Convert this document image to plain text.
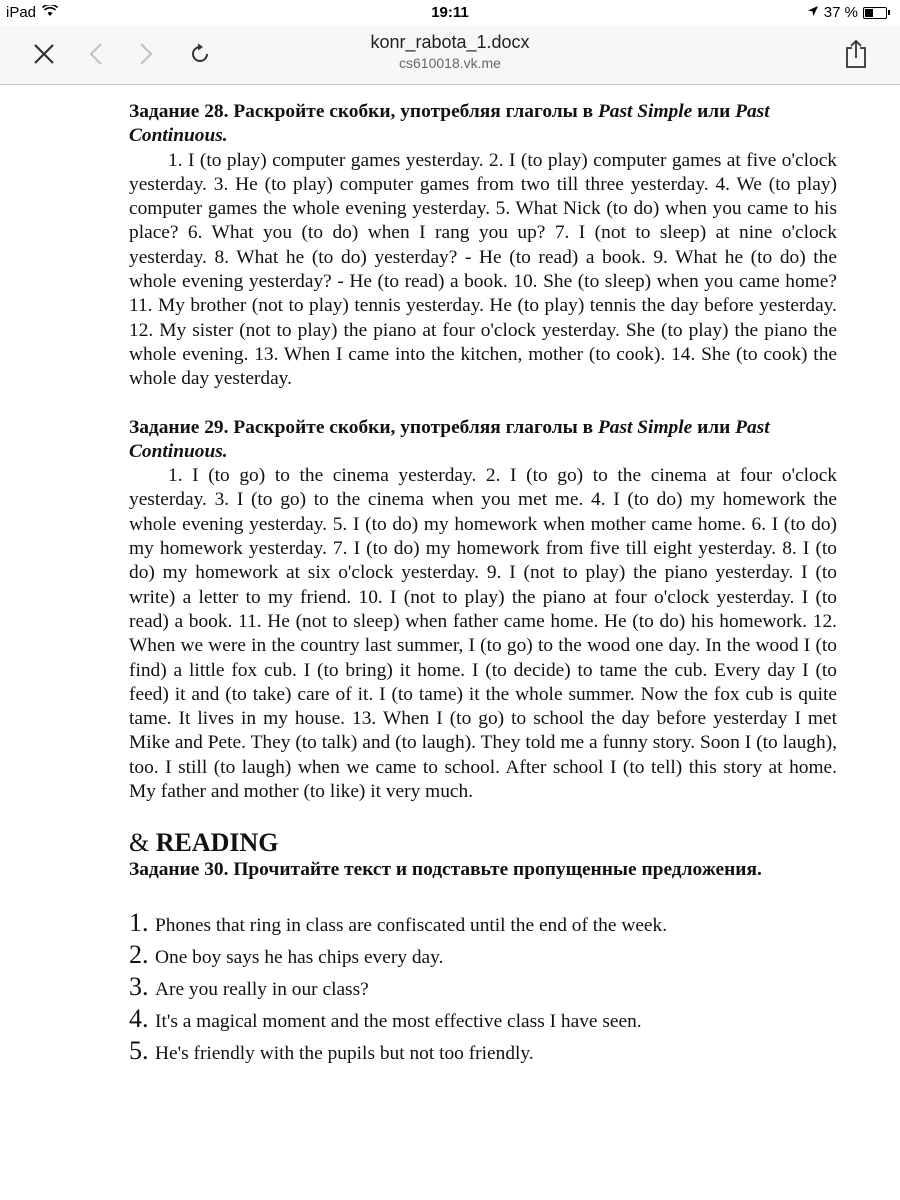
iPad	19:11	37 %
konr_rabota_1.docx
cs610018.vk.me

Задание 28. Раскройте скобки, употребляя глаголы в Past Simple или Past Continuous.

1. I (to play) computer games yesterday. 2. I (to play) computer games at five o'clock yesterday. 3. He (to play) computer games from two till three yesterday. 4. We (to play) computer games the whole evening yesterday. 5. What Nick (to do) when you came to his place? 6. What you (to do) when I rang you up? 7. I (not to sleep) at nine o'clock yesterday. 8. What he (to do) yesterday? - He (to read) a book. 9. What he (to do) the whole evening yesterday? - He (to read) a book. 10. She (to sleep) when you came home? 11. My brother (not to play) tennis yesterday. He (to play) tennis the day before yesterday. 12. My sister (not to play) the piano at four o'clock yesterday. She (to play) the piano the whole evening. 13. When I came into the kitchen, mother (to cook). 14. She (to cook) the whole day yesterday.

Задание 29. Раскройте скобки, употребляя глаголы в Past Simple или Past Continuous.

1. I (to go) to the cinema yesterday. 2. I (to go) to the cinema at four o'clock yesterday. 3. I (to go) to the cinema when you met me. 4. I (to do) my homework the whole evening yesterday. 5. I (to do) my homework when mother came home. 6. I (to do) my homework yesterday. 7. I (to do) my homework from five till eight yesterday. 8. I (to do) my homework at six o'clock yesterday. 9. I (not to play) the piano yesterday. I (to write) a letter to my friend. 10. I (not to play) the piano at four o'clock yesterday. I (to read) a book. 11. He (not to sleep) when father came home. He (to do) his homework. 12. When we were in the country last summer, I (to go) to the wood one day. In the wood I (to find) a little fox cub. I (to bring) it home. I (to decide) to tame the cub. Every day I (to feed) it and (to take) care of it. I (to tame) it the whole summer. Now the fox cub is quite tame. It lives in my house. 13. When I (to go) to school the day before yesterday I met Mike and Pete. They (to talk) and (to laugh). They told me a funny story. Soon I (to laugh), too. I still (to laugh) when we came to school. After school I (to tell) this story at home. My father and mother (to like) it very much.

& READING

Задание 30. Прочитайте текст и подставьте пропущенные предложения.

1. Phones that ring in class are confiscated until the end of the week.
2. One boy says he has chips every day.
3. Are you really in our class?
4. It's a magical moment and the most effective class I have seen.
5. He's friendly with the pupils but not too friendly.
